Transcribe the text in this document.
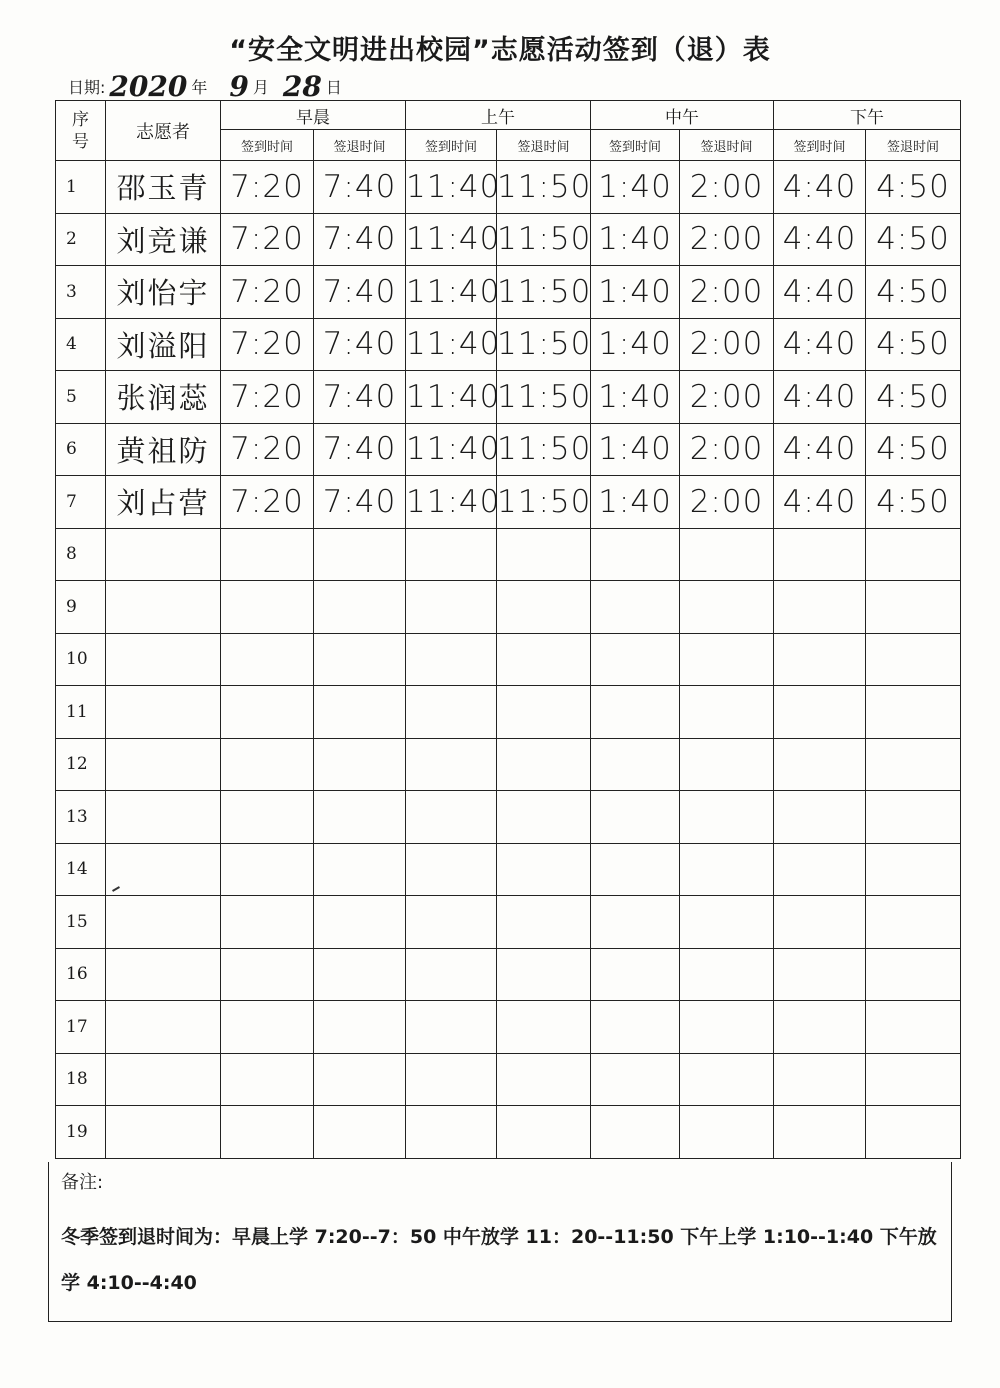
“安全文明进出校园”志愿活动签到（退）表
日期: 2020 年 9 月 28 日
序号	志愿者	早晨		上午		中午		下午	
		签到时间	签退时间	签到时间	签退时间	签到时间	签退时间	签到时间	签退时间
1	邵玉青	7:20	7:40	11:40	11:50	1:40	2:00	4:40	4:50
2	刘竞谦	7:20	7:40	11:40	11:50	1:40	2:00	4:40	4:50
3	刘怡宇	7:20	7:40	11:40	11:50	1:40	2:00	4:40	4:50
4	刘溢阳	7:20	7:40	11:40	11:50	1:40	2:00	4:40	4:50
5	张润蕊	7:20	7:40	11:40	11:50	1:40	2:00	4:40	4:50
6	黄祖防	7:20	7:40	11:40	11:50	1:40	2:00	4:40	4:50
7	刘占营	7:20	7:40	11:40	11:50	1:40	2:00	4:40	4:50
8									
9									
10									
11									
12									
13									
14									
15									
16									
17									
18									
19									
备注:
冬季签到退时间为：早晨上学 7:20--7：50 中午放学 11：20--11:50 下午上学 1:10--1:40 下午放学 4:10--4:40
